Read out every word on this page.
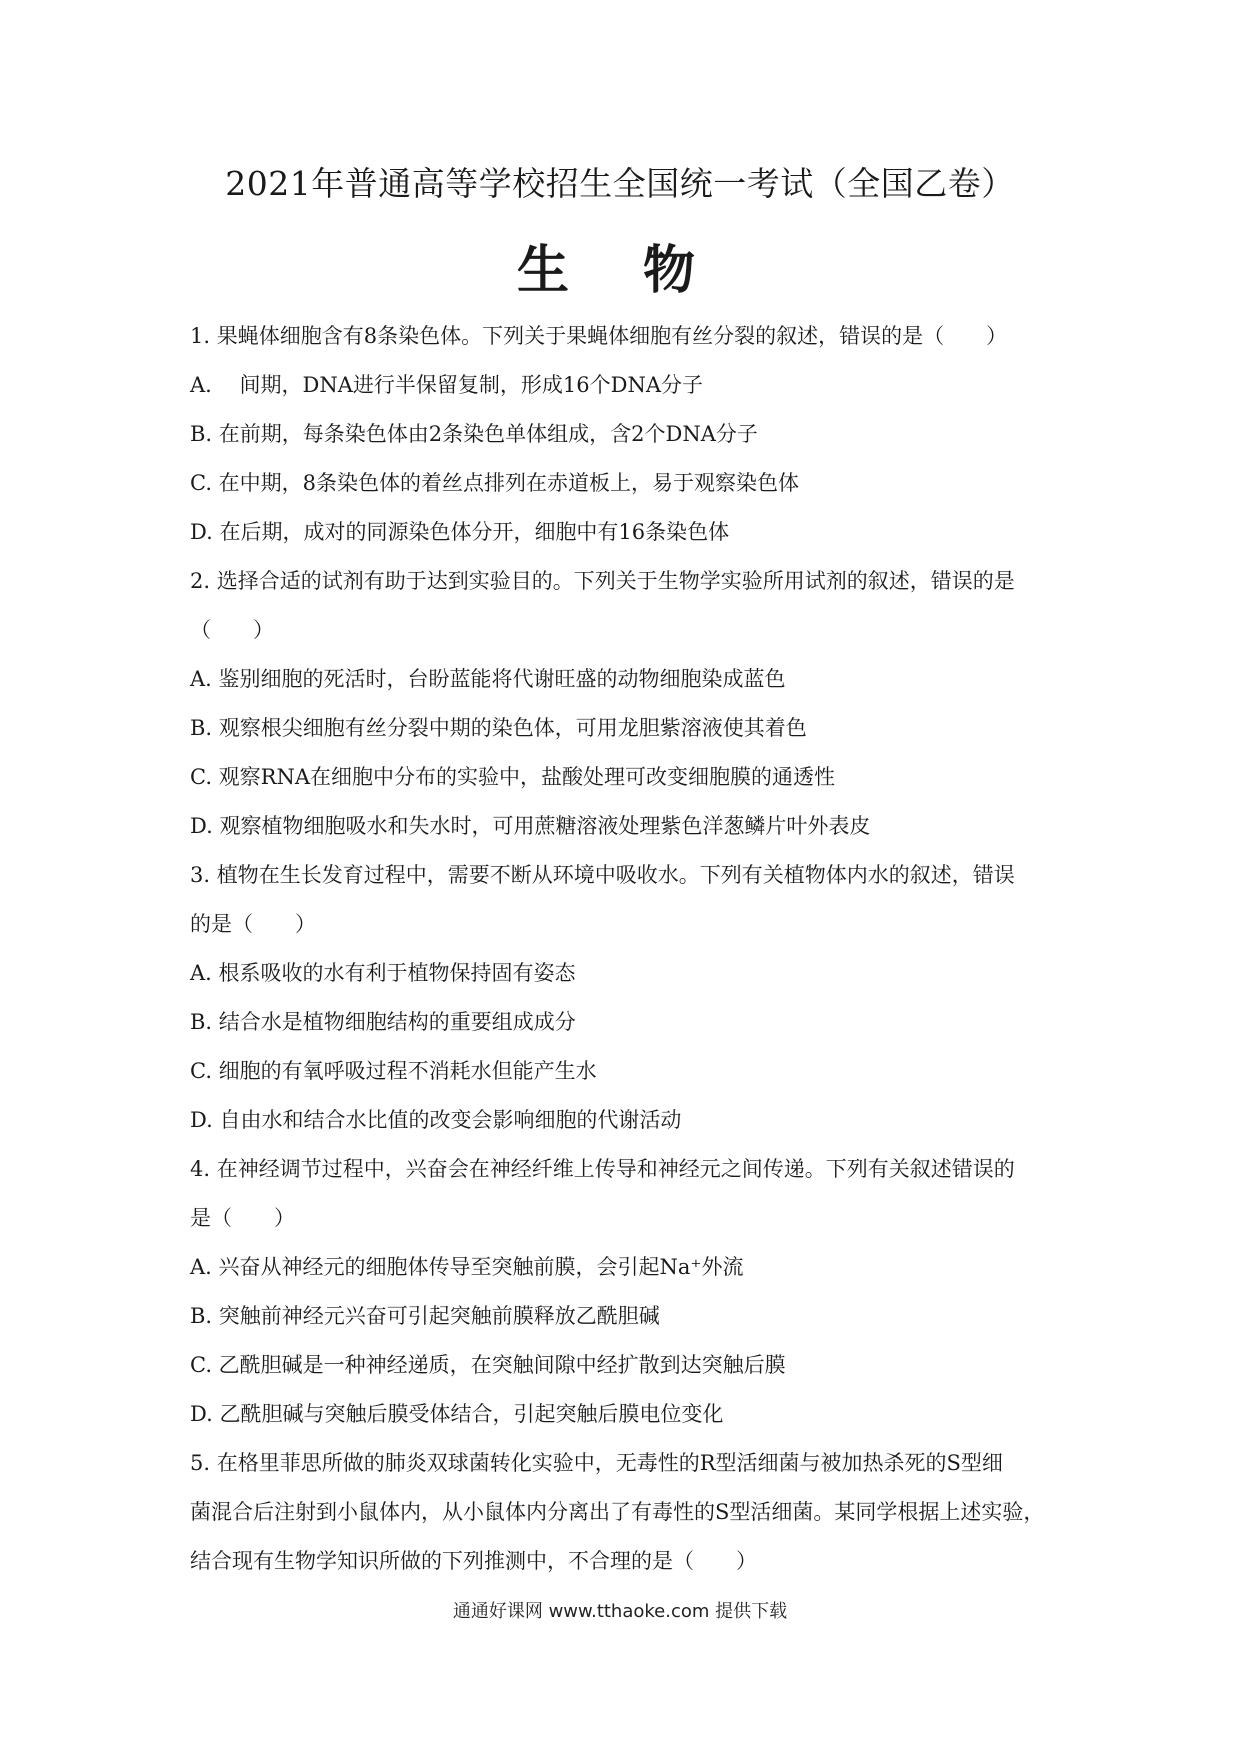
2021年普通高等学校招生全国统一考试（全国乙卷）
生 物
1. 果蝇体细胞含有8条染色体。下列关于果蝇体细胞有丝分裂的叙述，错误的是（　　）
A.　 间期，DNA进行半保留复制，形成16个DNA分子
B. 在前期，每条染色体由2条染色单体组成，含2个DNA分子
C. 在中期，8条染色体的着丝点排列在赤道板上，易于观察染色体
D. 在后期，成对的同源染色体分开，细胞中有16条染色体
2. 选择合适的试剂有助于达到实验目的。下列关于生物学实验所用试剂的叙述，错误的是
（　　）
A. 鉴别细胞的死活时，台盼蓝能将代谢旺盛的动物细胞染成蓝色
B. 观察根尖细胞有丝分裂中期的染色体，可用龙胆紫溶液使其着色
C. 观察RNA在细胞中分布的实验中，盐酸处理可改变细胞膜的通透性
D. 观察植物细胞吸水和失水时，可用蔗糖溶液处理紫色洋葱鳞片叶外表皮
3. 植物在生长发育过程中，需要不断从环境中吸收水。下列有关植物体内水的叙述，错误
的是（　　）
A. 根系吸收的水有利于植物保持固有姿态
B. 结合水是植物细胞结构的重要组成成分
C. 细胞的有氧呼吸过程不消耗水但能产生水
D. 自由水和结合水比值的改变会影响细胞的代谢活动
4. 在神经调节过程中，兴奋会在神经纤维上传导和神经元之间传递。下列有关叙述错误的
是（　　）
A. 兴奋从神经元的细胞体传导至突触前膜，会引起Na⁺外流
B. 突触前神经元兴奋可引起突触前膜释放乙酰胆碱
C. 乙酰胆碱是一种神经递质，在突触间隙中经扩散到达突触后膜
D. 乙酰胆碱与突触后膜受体结合，引起突触后膜电位变化
5. 在格里菲思所做的肺炎双球菌转化实验中，无毒性的R型活细菌与被加热杀死的S型细
菌混合后注射到小鼠体内，从小鼠体内分离出了有毒性的S型活细菌。某同学根据上述实验，
结合现有生物学知识所做的下列推测中，不合理的是（　　）
通通好课网 www.tthaoke.com 提供下载
